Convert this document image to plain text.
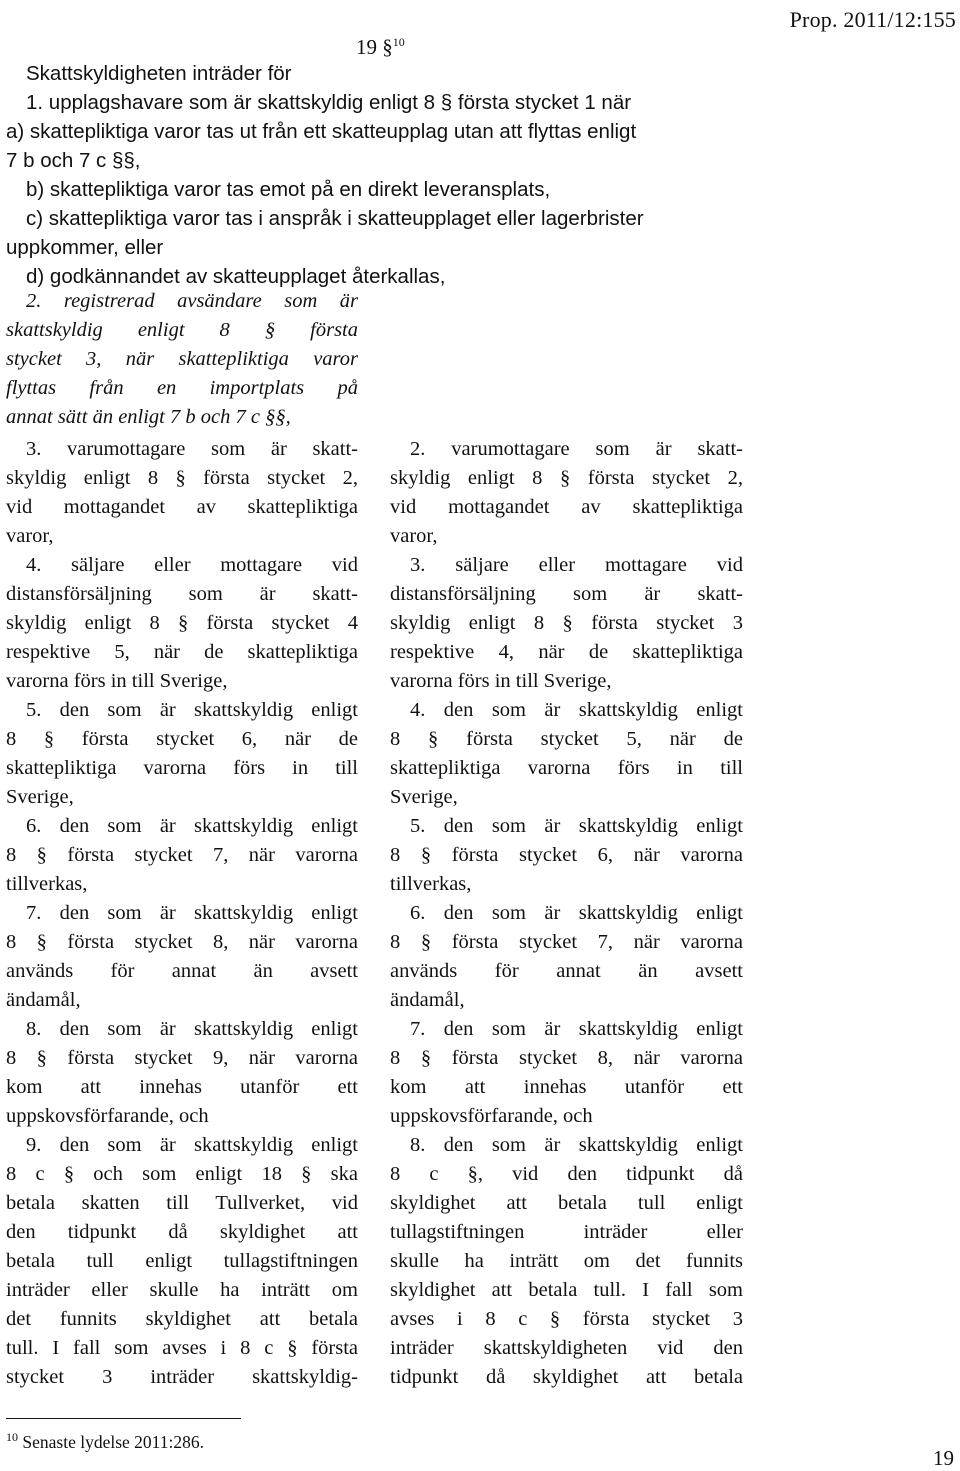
19 §$^{10}$
Prop. 2011/12:155
Skattskyldigheten inträder för
1. upplagshavare som är skattskyldig enligt 8 § första stycket 1 när
a) skattepliktiga varor tas ut från ett skatteupplag utan att flyttas enligt
7 b och 7 c §§,
b) skattepliktiga varor tas emot på en direkt leveransplats,
c) skattepliktiga varor tas i anspråk i skatteupplaget eller lagerbrister
uppkommer, eller
d) godkännandet av skatteupplaget återkallas,
2. registrerad avsändare som är
skattskyldig enligt 8 § första
stycket 3, när skattepliktiga varor
flyttas från en importplats på
annat sätt än enligt 7 b och 7 c §§,
3. varumottagare som är skatt-
skyldig enligt 8 § första stycket 2,
vid mottagandet av skattepliktiga
varor,
4. säljare eller mottagare vid
distansförsäljning som är skatt-
skyldig enligt 8 § första stycket 4
respektive 5, när de skattepliktiga
varorna förs in till Sverige,
5. den som är skattskyldig enligt
8 § första stycket 6, när de
skattepliktiga varorna förs in till
Sverige,
6. den som är skattskyldig enligt
8 § första stycket 7, när varorna
tillverkas,
7. den som är skattskyldig enligt
8 § första stycket 8, när varorna
används för annat än avsett
ändamål,
8. den som är skattskyldig enligt
8 § första stycket 9, när varorna
kom att innehas utanför ett
uppskovsförfarande, och
9. den som är skattskyldig enligt
8 c § och som enligt 18 § ska
betala skatten till Tullverket, vid
den tidpunkt då skyldighet att
betala tull enligt tullagstiftningen
inträder eller skulle ha inträtt om
det funnits skyldighet att betala
tull. I fall som avses i 8 c § första
stycket 3 inträder skattskyldig-
2. varumottagare som är skatt-
skyldig enligt 8 § första stycket 2,
vid mottagandet av skattepliktiga
varor,
3. säljare eller mottagare vid
distansförsäljning som är skatt-
skyldig enligt 8 § första stycket 3
respektive 4, när de skattepliktiga
varorna förs in till Sverige,
4. den som är skattskyldig enligt
8 § första stycket 5, när de
skattepliktiga varorna förs in till
Sverige,
5. den som är skattskyldig enligt
8 § första stycket 6, när varorna
tillverkas,
6. den som är skattskyldig enligt
8 § första stycket 7, när varorna
används för annat än avsett
ändamål,
7. den som är skattskyldig enligt
8 § första stycket 8, när varorna
kom att innehas utanför ett
uppskovsförfarande, och
8. den som är skattskyldig enligt
8 c §, vid den tidpunkt då
skyldighet att betala tull enligt
tullagstiftningen inträder eller
skulle ha inträtt om det funnits
skyldighet att betala tull. I fall som
avses i 8 c § första stycket 3
inträder skattskyldigheten vid den
tidpunkt då skyldighet att betala
$^{10}$ Senaste lydelse 2011:286.
19
